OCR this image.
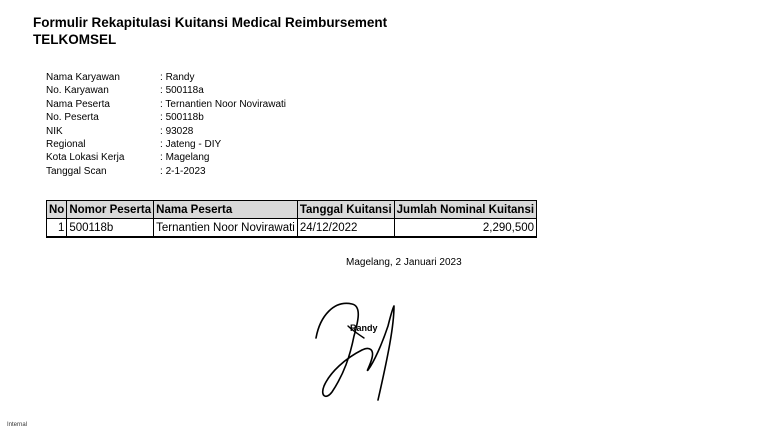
Formulir Rekapitulasi Kuitansi Medical Reimbursement
TELKOMSEL
Nama Karyawan	: Randy
No. Karyawan	: 500118a
Nama Peserta	: Ternantien Noor Novirawati
No. Peserta	: 500118b
NIK	: 93028
Regional	: Jateng - DIY
Kota Lokasi Kerja	: Magelang
Tanggal Scan	: 2-1-2023
No	Nomor Peserta	Nama Peserta	Tanggal Kuitansi	Jumlah Nominal Kuitansi
1	500118b	Ternantien Noor Novirawati	24/12/2022	2,290,500
Magelang, 2 Januari 2023
Randy
Internal
